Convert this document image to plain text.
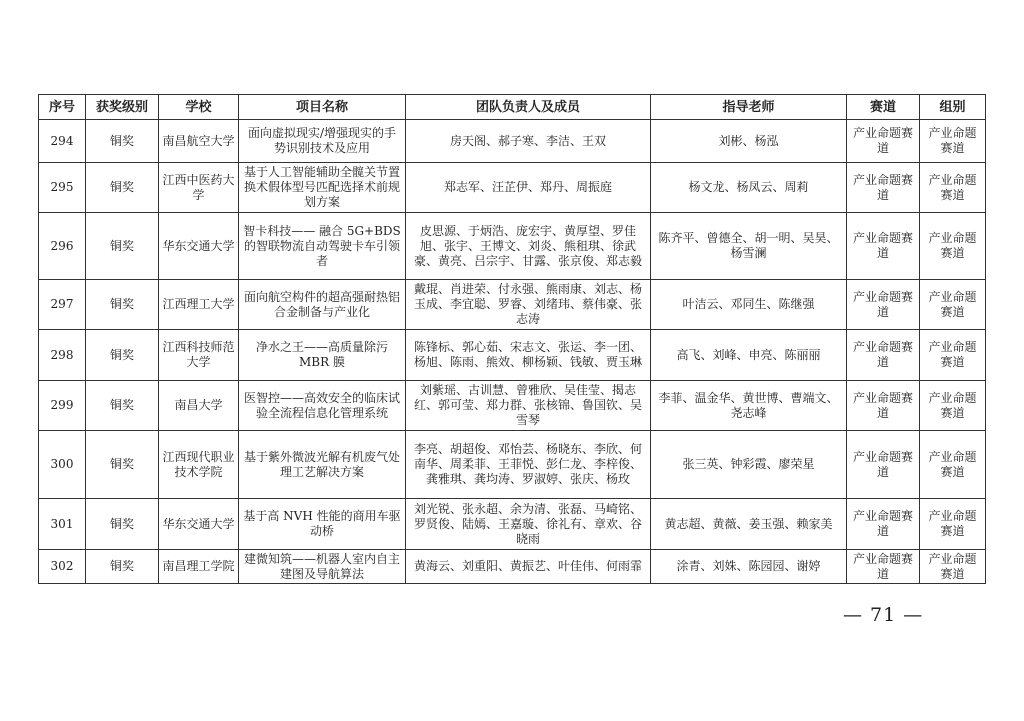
序号	获奖级别	学校	项目名称	团队负责人及成员	指导老师	赛道	组别
294	铜奖	南昌航空大学	面向虚拟现实/增强现实的手势识别技术及应用	房天阁、郝子寒、李洁、王双	刘彬、杨泓	产业命题赛道	产业命题赛道
295	铜奖	江西中医药大学	基于人工智能辅助全髋关节置换术假体型号匹配选择术前规划方案	郑志军、汪芷伊、郑丹、周振庭	杨文龙、杨凤云、周莉	产业命题赛道	产业命题赛道
296	铜奖	华东交通大学	智卡科技—— 融合 5G+BDS 的智联物流自动驾驶卡车引领者	皮思源、于炳浩、庞宏宇、黄厚望、罗佳旭、张宇、王博文、刘炎、熊租琪、徐武豪、黄亮、吕宗宇、甘露、张京俊、郑志毅	陈齐平、曾德全、胡一明、吴昊、杨雪澜	产业命题赛道	产业命题赛道
297	铜奖	江西理工大学	面向航空构件的超高强耐热铝合金制备与产业化	戴琨、肖进荣、付永强、熊雨康、刘志、杨玉成、李宜聪、罗睿、刘绪玮、蔡伟豪、张志涛	叶洁云、邓同生、陈继强	产业命题赛道	产业命题赛道
298	铜奖	江西科技师范大学	净水之王——高质量除污 MBR 膜	陈锋标、郭心茹、宋志文、张运、李一团、杨旭、陈雨、熊效、柳杨颖、钱敏、贾玉琳	高飞、刘峰、申亮、陈丽丽	产业命题赛道	产业命题赛道
299	铜奖	南昌大学	医智控——高效安全的临床试验全流程信息化管理系统	刘紫瑶、古训慧、曾雅欣、吴佳莹、揭志红、郭可莹、郑力群、张核锦、鲁国钦、吴雪琴	李菲、温金华、黄世博、曹端文、尧志峰	产业命题赛道	产业命题赛道
300	铜奖	江西现代职业技术学院	基于紫外微波光解有机废气处理工艺解决方案	李亮、胡超俊、邓怡芸、杨晓东、李欣、何南华、周柔菲、王菲悦、彭仁龙、李梓俊、龚雅琪、龚均涛、罗淑婷、张庆、杨玫	张三英、钟彩霞、廖荣星	产业命题赛道	产业命题赛道
301	铜奖	华东交通大学	基于高 NVH 性能的商用车驱动桥	刘光锐、张永超、余为清、张磊、马崎铭、罗贤俊、陆嫣、王嘉璇、徐礼有、章欢、谷晓雨	黄志超、黄薇、姜玉强、赖家美	产业命题赛道	产业命题赛道
302	铜奖	南昌理工学院	建微知筑——机器人室内自主建图及导航算法	黄海云、刘重阳、黄振艺、叶佳伟、何雨霏	涂青、刘姝、陈园园、谢婷	产业命题赛道	产业命题赛道
— 71 —
